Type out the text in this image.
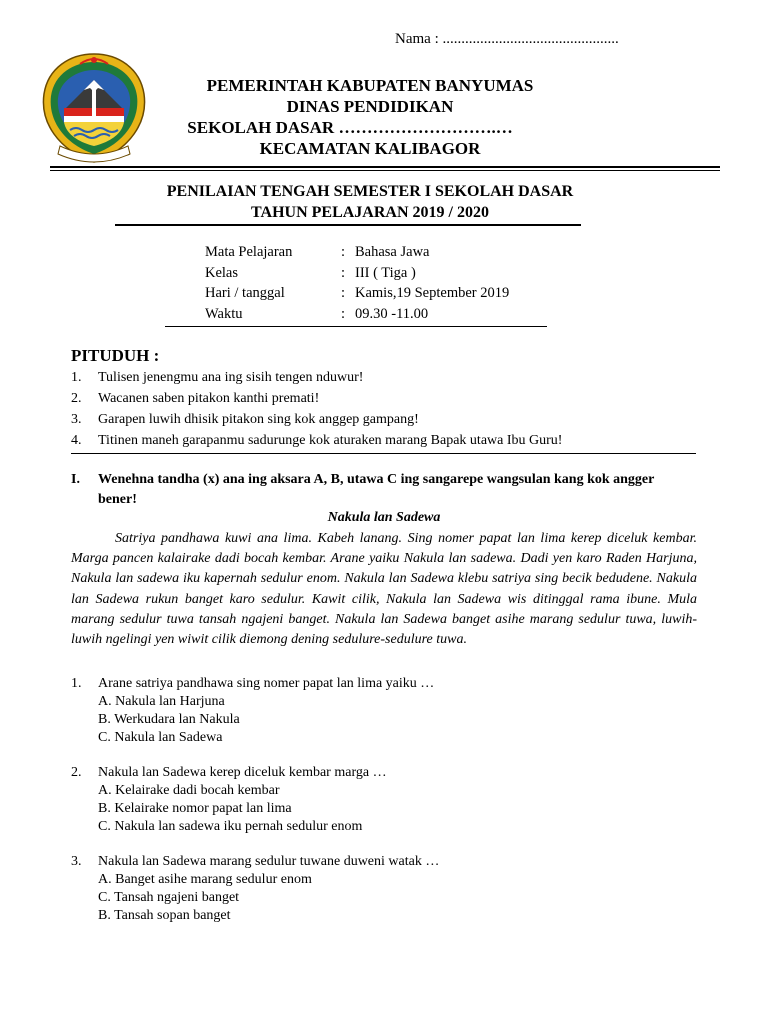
Nama : ...............................................
PEMERINTAH KABUPATEN BANYUMAS
DINAS PENDIDIKAN
SEKOLAH DASAR ……………………….…
KECAMATAN KALIBAGOR
PENILAIAN TENGAH SEMESTER I SEKOLAH DASAR
TAHUN PELAJARAN 2019 / 2020
Mata Pelajaran	: Bahasa Jawa
Kelas	: III ( Tiga )
Hari / tanggal	: Kamis,19 September 2019
Waktu	: 09.30 -11.00
PITUDUH :
1.	Tulisen jenengmu ana ing sisih tengen nduwur!
2.	Wacanen saben pitakon kanthi premati!
3.	Garapen luwih dhisik pitakon sing kok anggep gampang!
4.	Titinen maneh garapanmu sadurunge kok aturaken marang Bapak utawa Ibu Guru!
I. Wenehna tandha (x) ana ing aksara A, B, utawa C ing sangarepe wangsulan kang kok angger bener!
Nakula lan Sadewa
Satriya pandhawa kuwi ana lima. Kabeh lanang. Sing nomer papat lan lima kerep diceluk kembar. Marga pancen kalairake dadi bocah kembar. Arane yaiku Nakula lan sadewa. Dadi yen karo Raden Harjuna, Nakula lan sadewa iku kapernah sedulur enom. Nakula lan Sadewa klebu satriya sing becik bedudene. Nakula lan Sadewa rukun banget karo sedulur. Kawit cilik, Nakula lan Sadewa wis ditinggal rama ibune. Mula marang sedulur tuwa tansah ngajeni banget. Nakula lan Sadewa banget asihe marang sedulur tuwa, luwih-luwih ngelingi yen wiwit cilik diemong dening sedulure-sedulure tuwa.
1.	Arane satriya pandhawa sing nomer papat lan lima yaiku …
A. Nakula lan Harjuna
B. Werkudara lan Nakula
C. Nakula lan Sadewa
2.	Nakula lan Sadewa kerep diceluk kembar marga …
A. Kelairake dadi bocah kembar
B. Kelairake nomor papat lan lima
C. Nakula lan sadewa iku pernah sedulur enom
3.	Nakula lan Sadewa marang sedulur tuwane duweni watak …
A. Banget asihe marang sedulur enom
C. Tansah ngajeni banget
B. Tansah sopan banget
